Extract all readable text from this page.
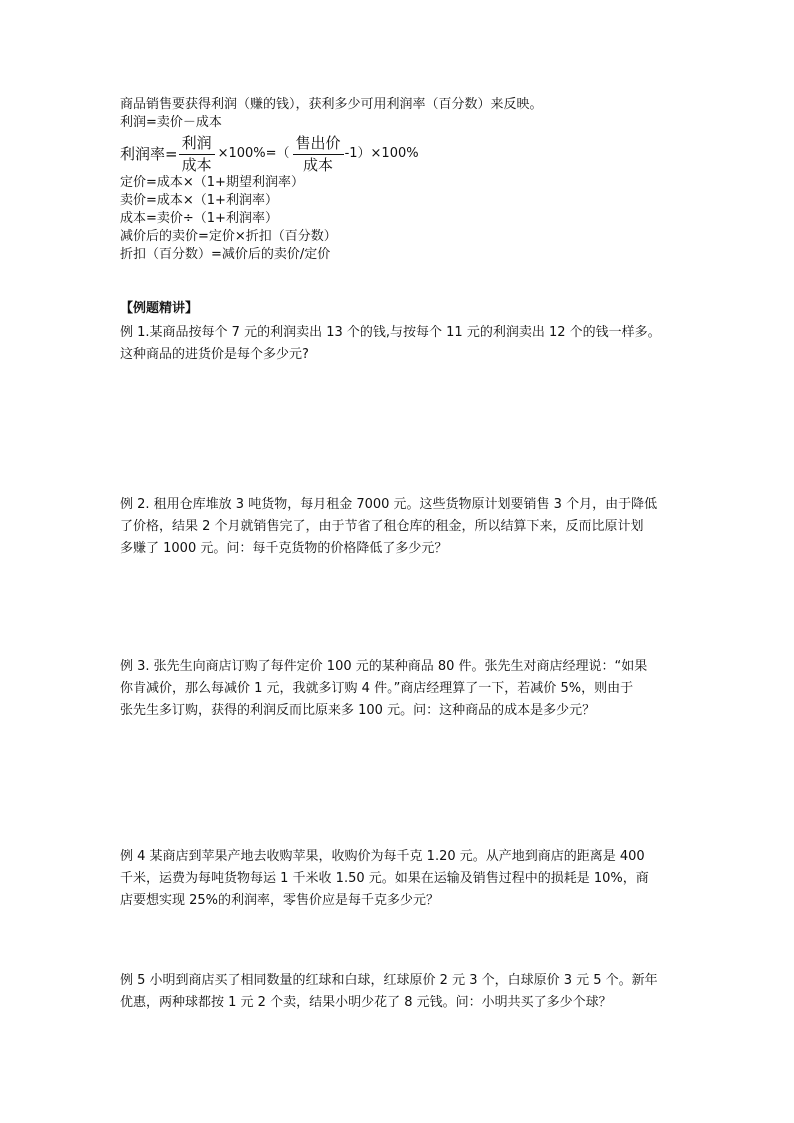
商品销售要获得利润（赚的钱），获利多少可用利润率（百分数）来反映。
利润=卖价－成本
利润率= $\frac{\text{利润}}{\text{成本}} \times 100\%=( \frac{\text{售出价}}{\text{成本}} -1)\times 100\%$
定价=成本×（1+期望利润率）
卖价=成本×（1+利润率）
成本=卖价÷（1+利润率）
减价后的卖价=定价×折扣（百分数）
折扣（百分数）=减价后的卖价/定价
【例题精讲】

例 1.某商品按每个 7 元的利润卖出 13 个的钱,与按每个 11 元的利润卖出 12 个的钱一样多。

这种商品的进货价是每个多少元?

例 2. 租用仓库堆放 3 吨货物，每月租金 7000 元。这些货物原计划要销售 3 个月，由于降低

了价格，结果 2 个月就销售完了，由于节省了租仓库的租金，所以结算下来，反而比原计划

多赚了 1000 元。问：每千克货物的价格降低了多少元？

例 3. 张先生向商店订购了每件定价 100 元的某种商品 80 件。张先生对商店经理说：“如果

你肯减价，那么每减价 1 元，我就多订购 4 件。”商店经理算了一下，若减价 5%，则由于

张先生多订购，获得的利润反而比原来多 100 元。问：这种商品的成本是多少元？

例 4 某商店到苹果产地去收购苹果，收购价为每千克 1.20 元。从产地到商店的距离是 400

千米，运费为每吨货物每运 1 千米收 1.50 元。如果在运输及销售过程中的损耗是 10%，商

店要想实现 25%的利润率，零售价应是每千克多少元？

例 5 小明到商店买了相同数量的红球和白球，红球原价 2 元 3 个，白球原价 3 元 5 个。新年

优惠，两种球都按 1 元 2 个卖，结果小明少花了 8 元钱。问：小明共买了多少个球？
